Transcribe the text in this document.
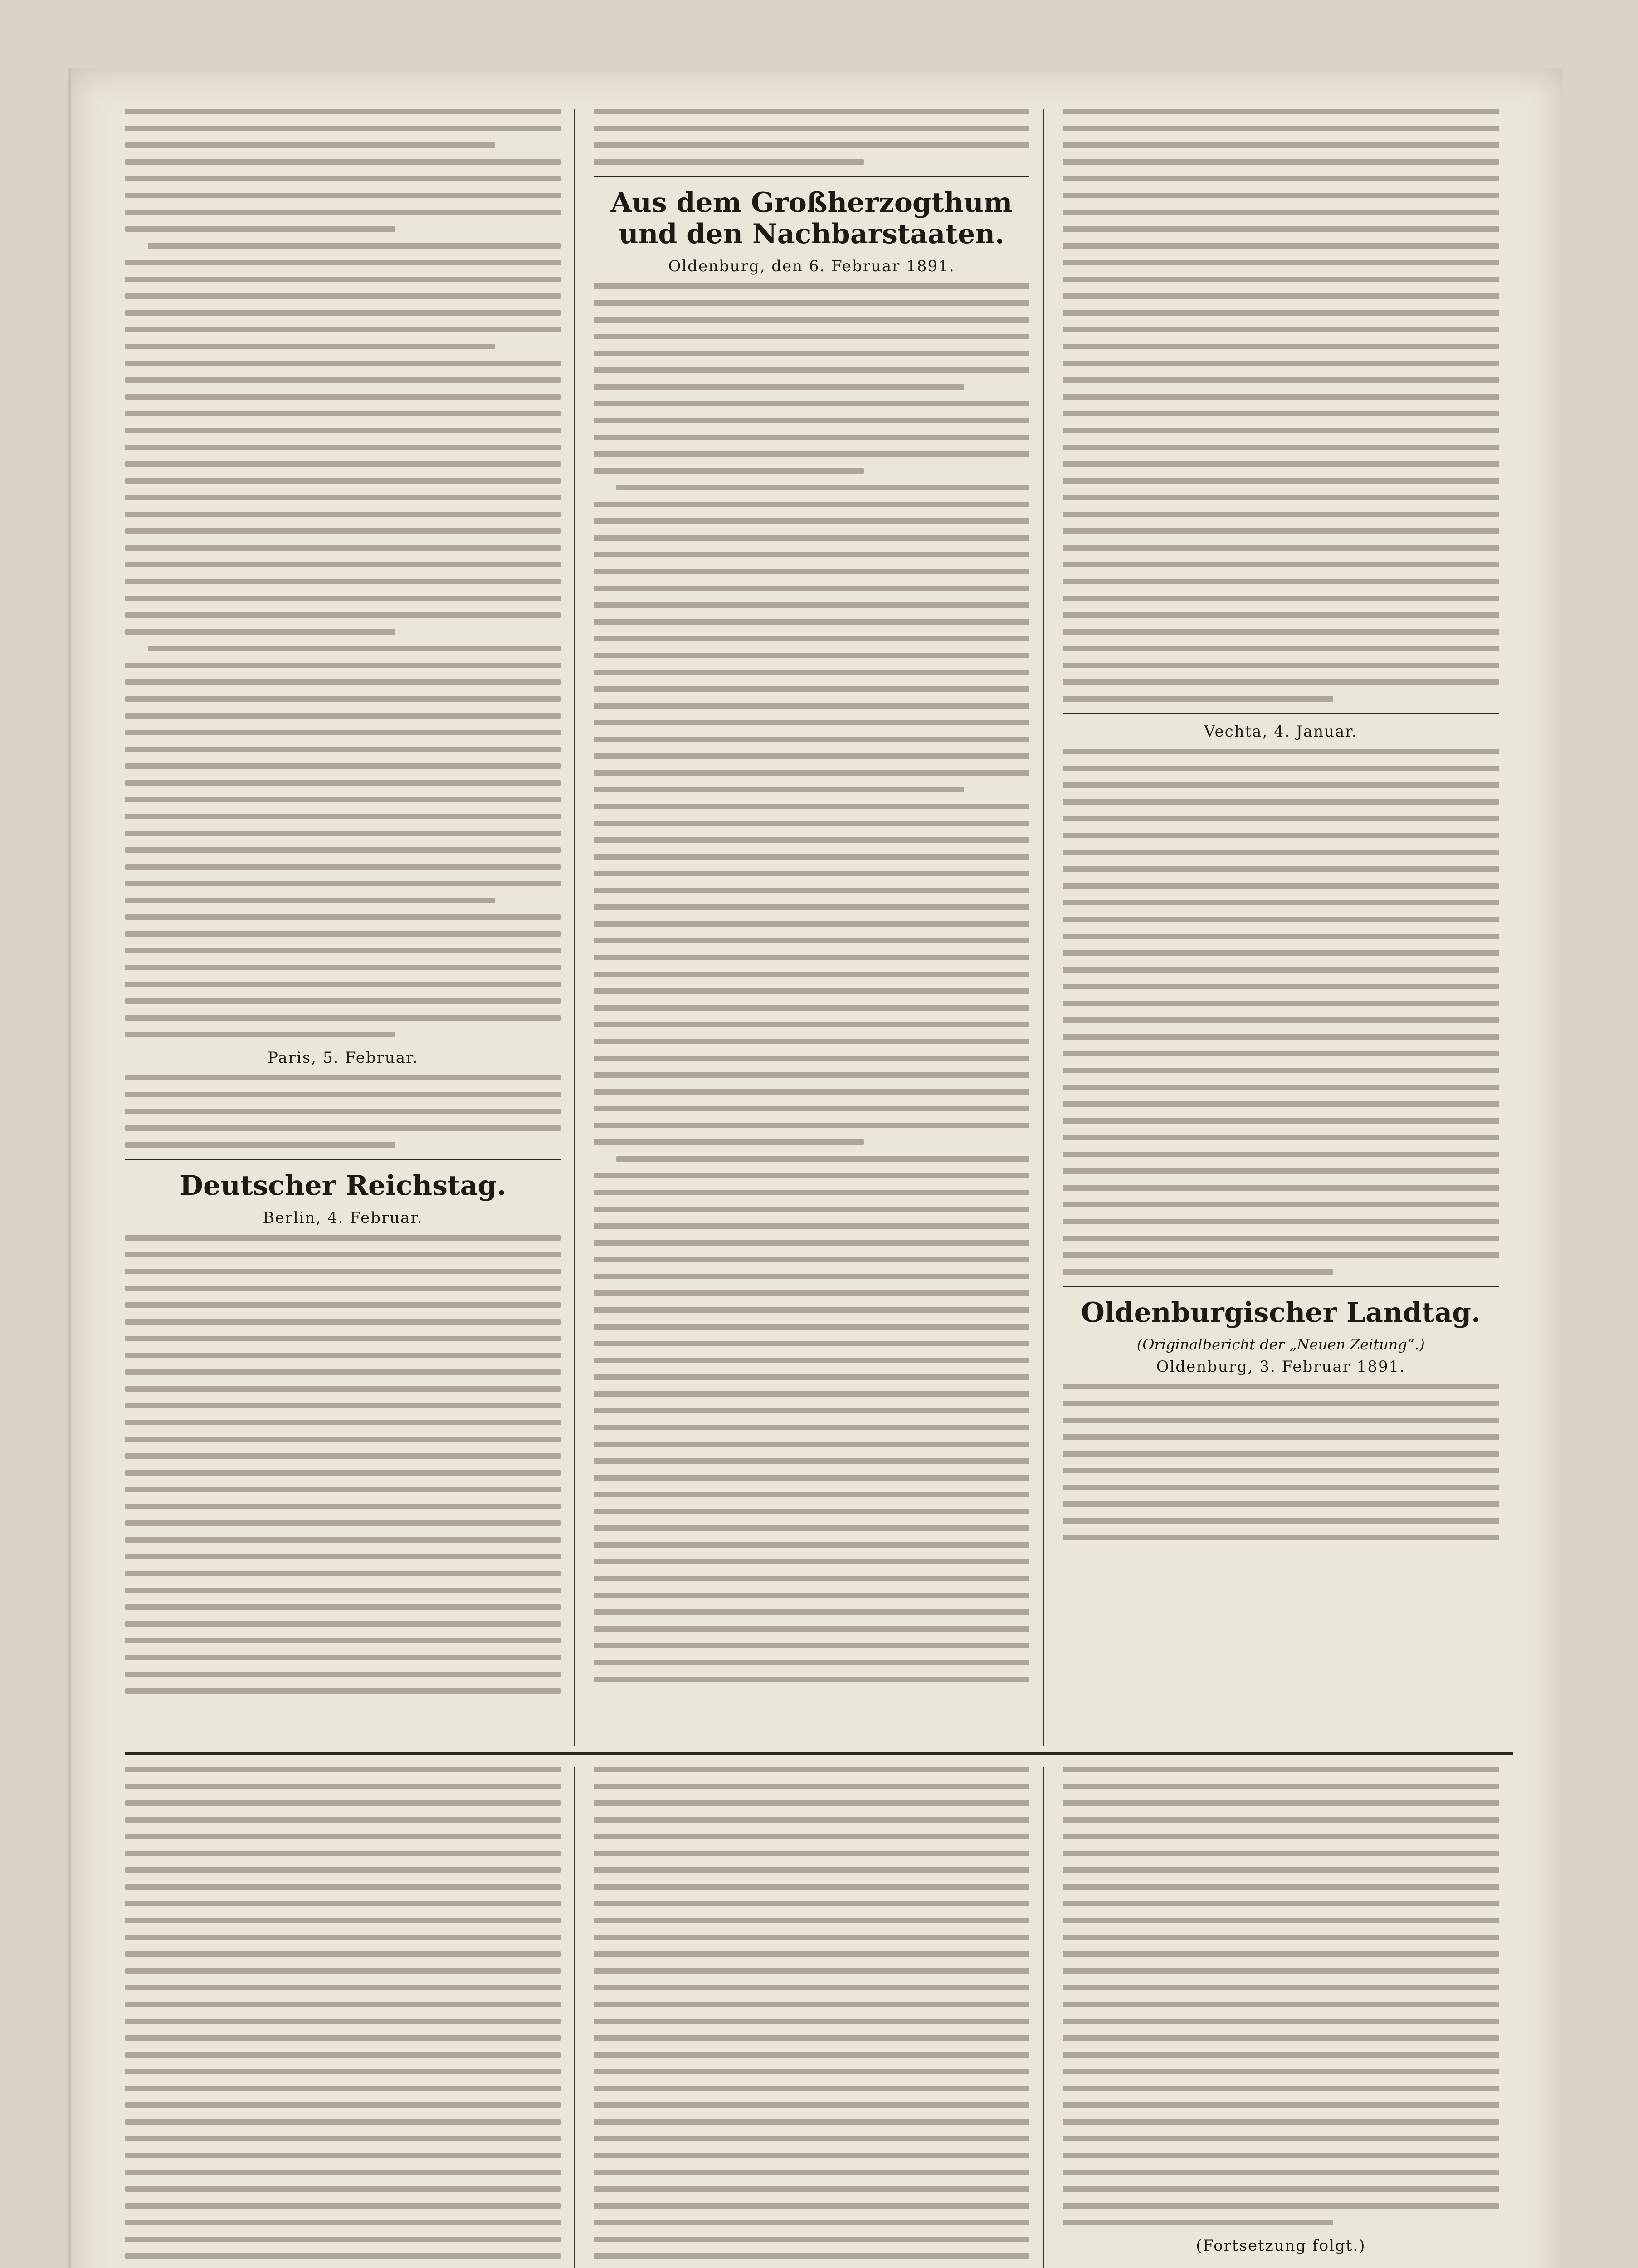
Paris, 5. Februar.
Deutscher Reichstag.
Berlin, 4. Februar.
Aus dem Großherzogthum und den Nachbarstaaten.
Oldenburg, den 6. Februar 1891.
Vechta, 4. Januar.
Oldenburgischer Landtag.
(Originalbericht der „Neuen Zeitung“.)
Oldenburg, 3. Februar 1891.
(Fortsetzung folgt.)
